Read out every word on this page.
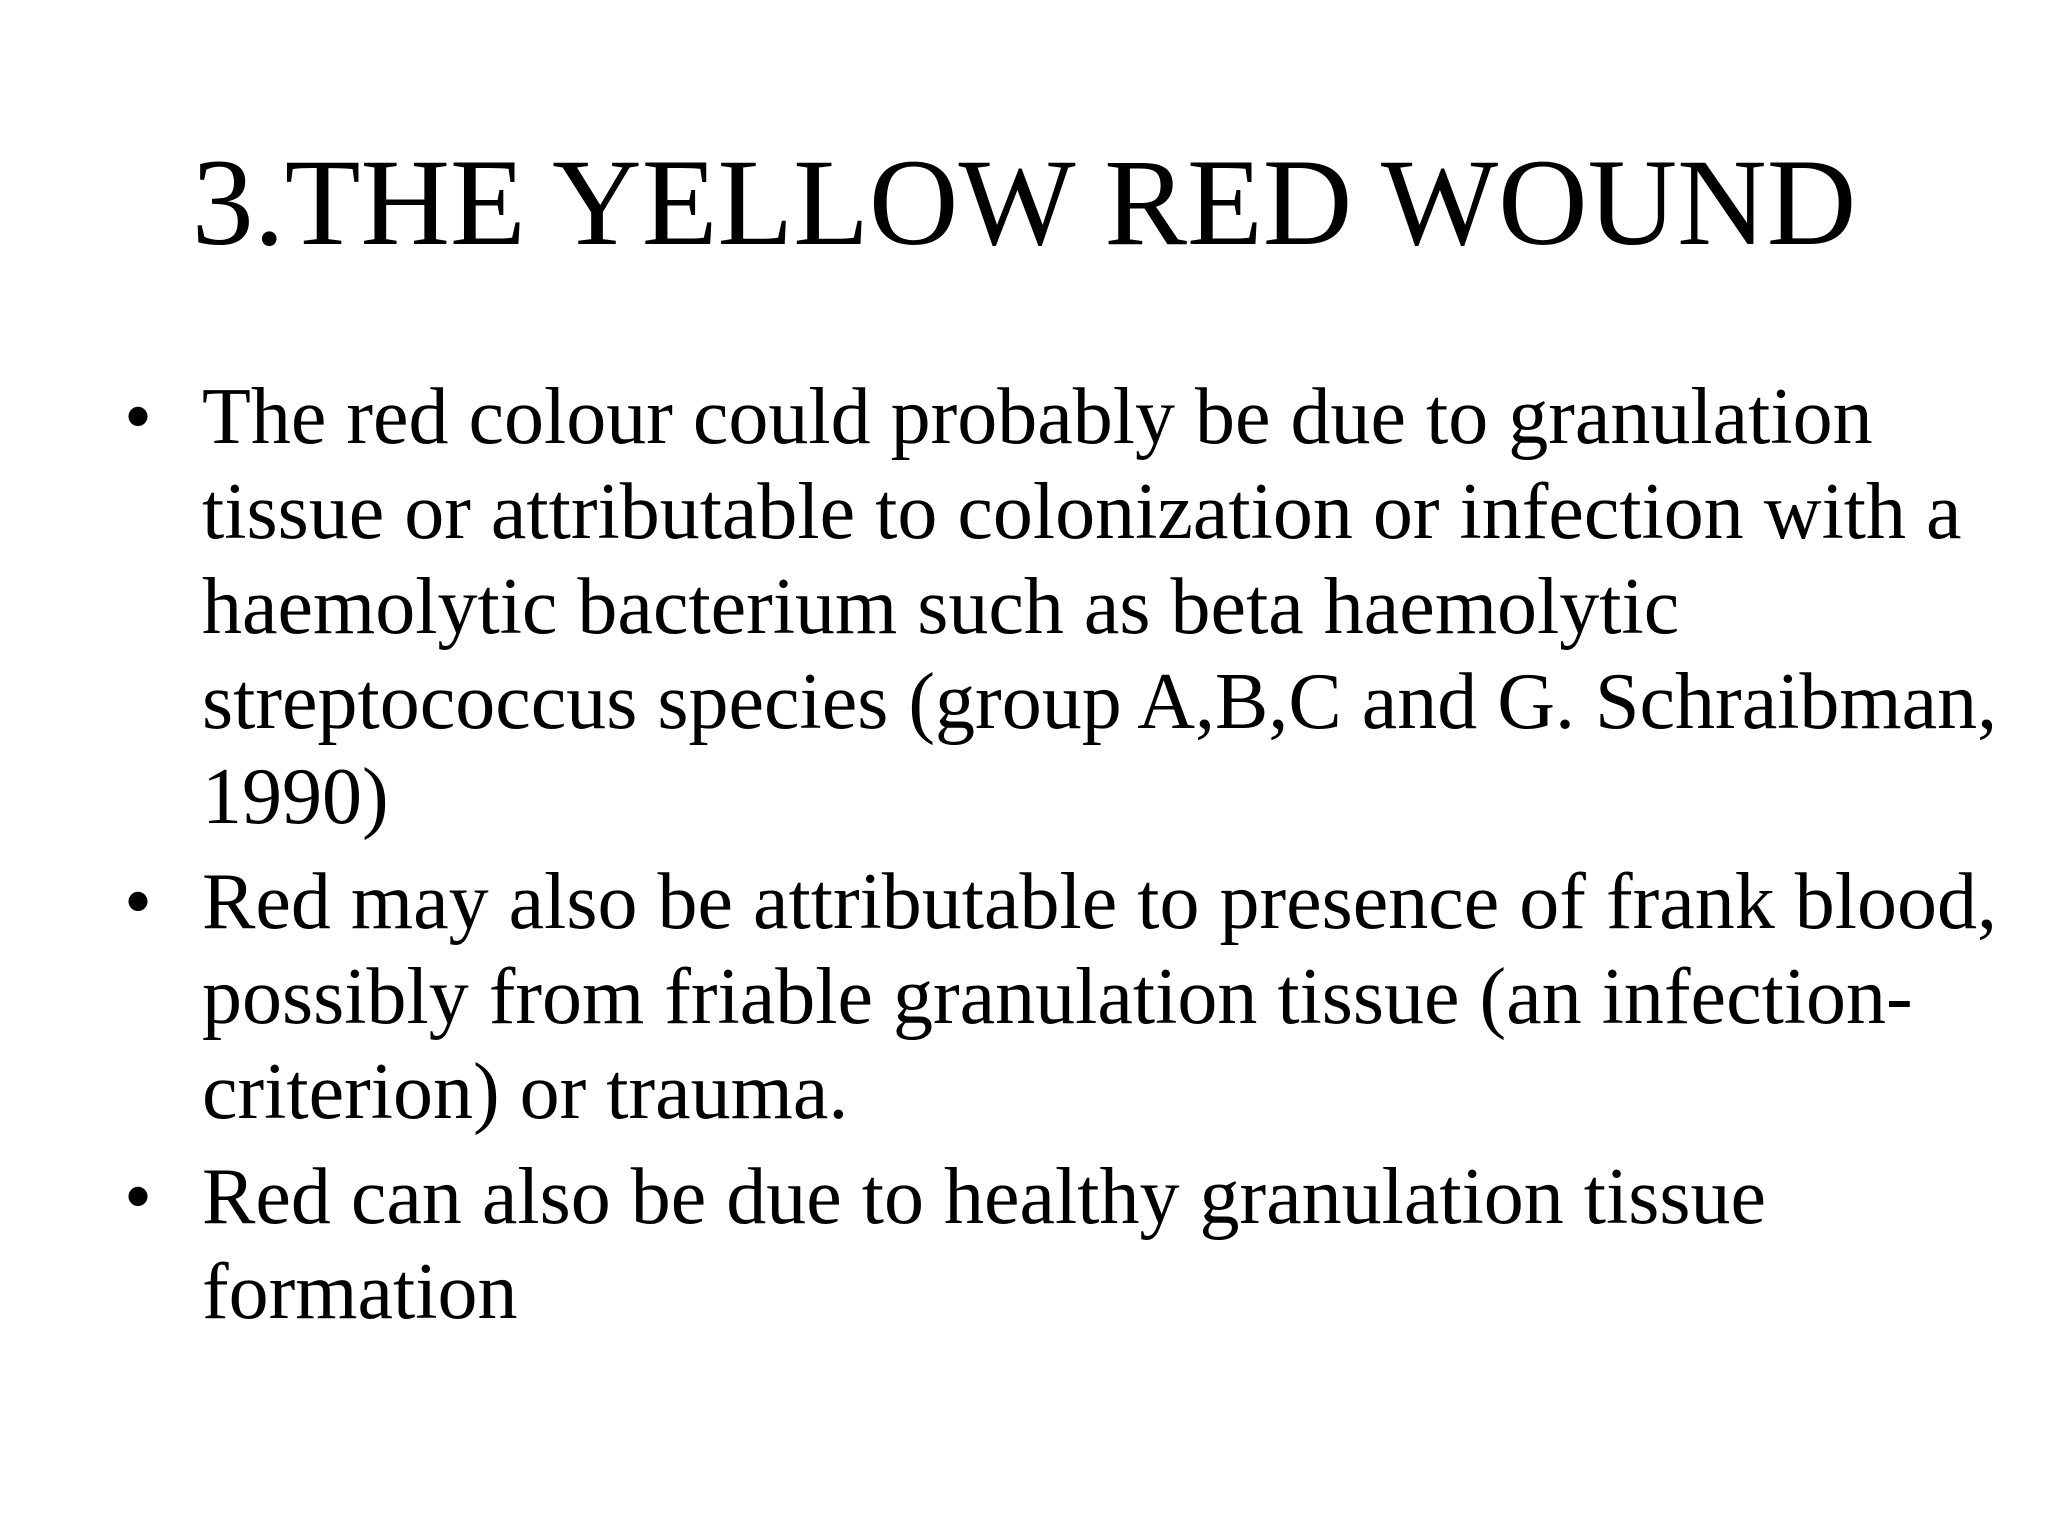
3.THE YELLOW RED WOUND
• The red colour could probably be due to granulation tissue or attributable to colonization or infection with a haemolytic bacterium such as beta haemolytic streptococcus species (group A,B,C and G. Schraibman, 1990)
• Red may also be attributable to presence of frank blood, possibly from friable granulation tissue (an infection- criterion) or trauma.
• Red can also be due to healthy granulation tissue formation
